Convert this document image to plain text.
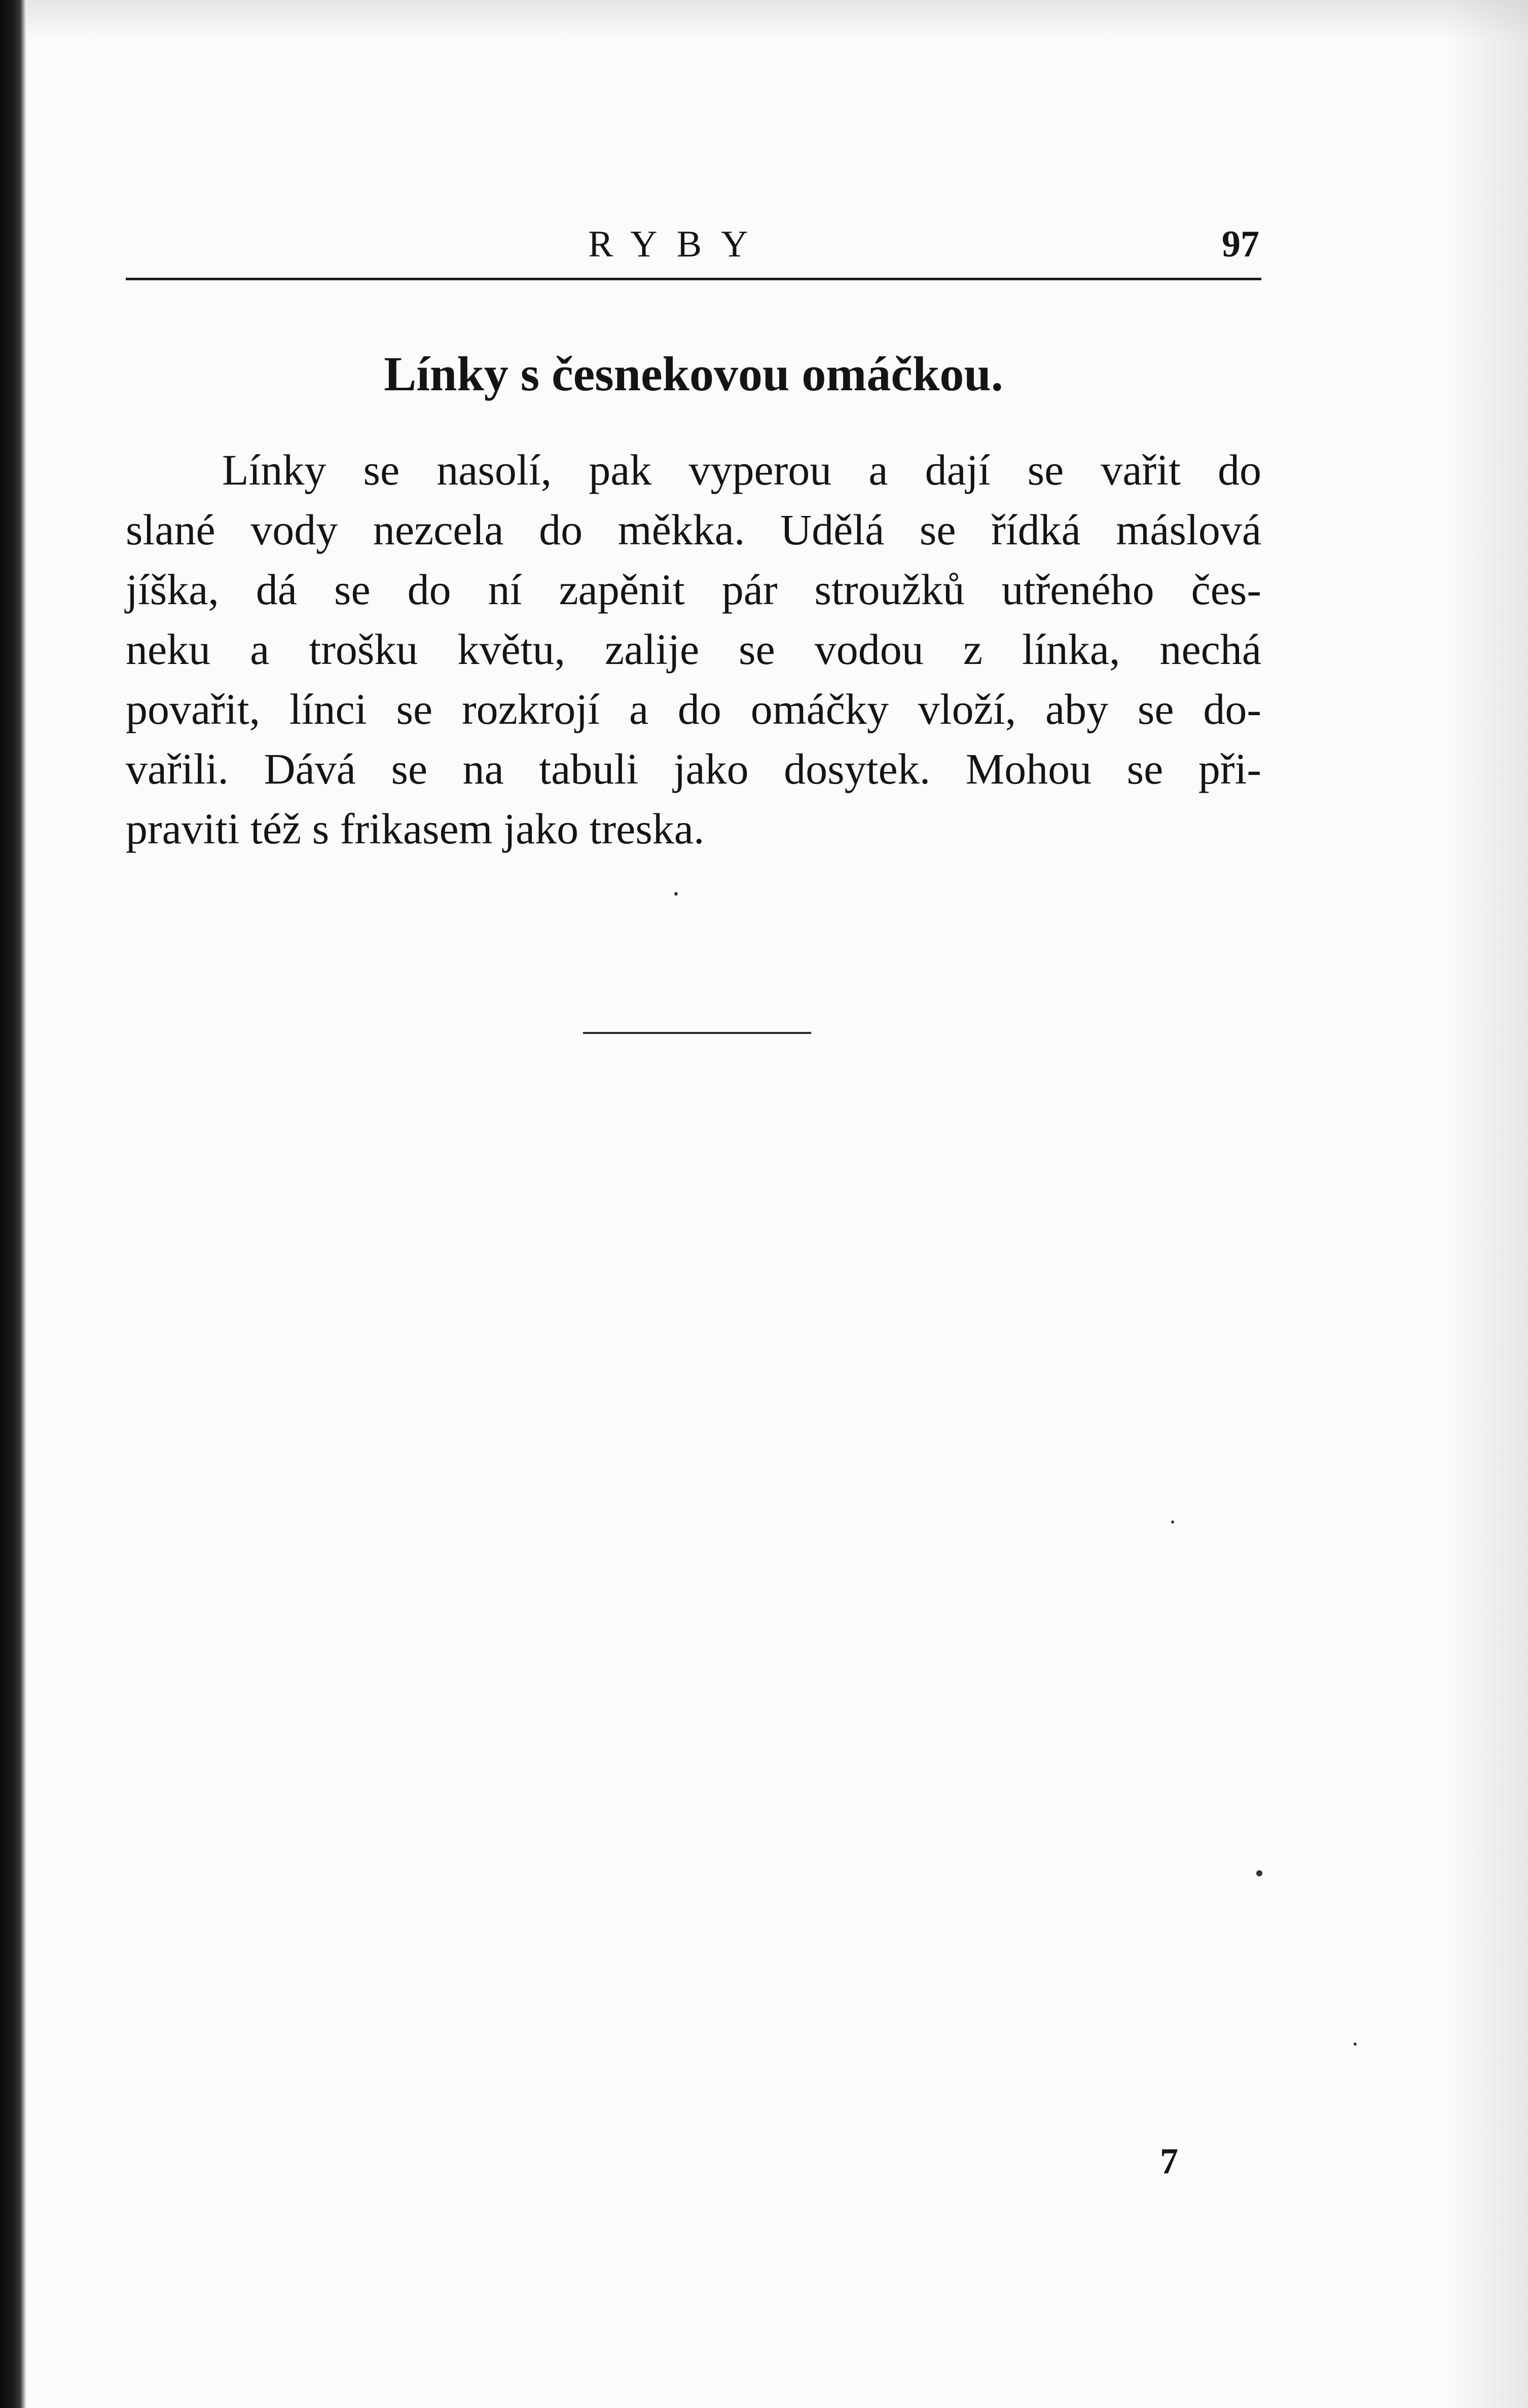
RYBY	97
Línky s česnekovou omáčkou.
Línky se nasolí, pak vyperou a dají se vařit do
slané vody nezcela do měkka. Udělá se řídká máslová
jíška, dá se do ní zapěnit pár stroužků utřeného čes-
neku a trošku květu, zalije se vodou z línka, nechá
povařit, línci se rozkrojí a do omáčky vloží, aby se do-
vařili. Dává se na tabuli jako dosytek. Mohou se při-
praviti též s frikasem jako treska.
7
